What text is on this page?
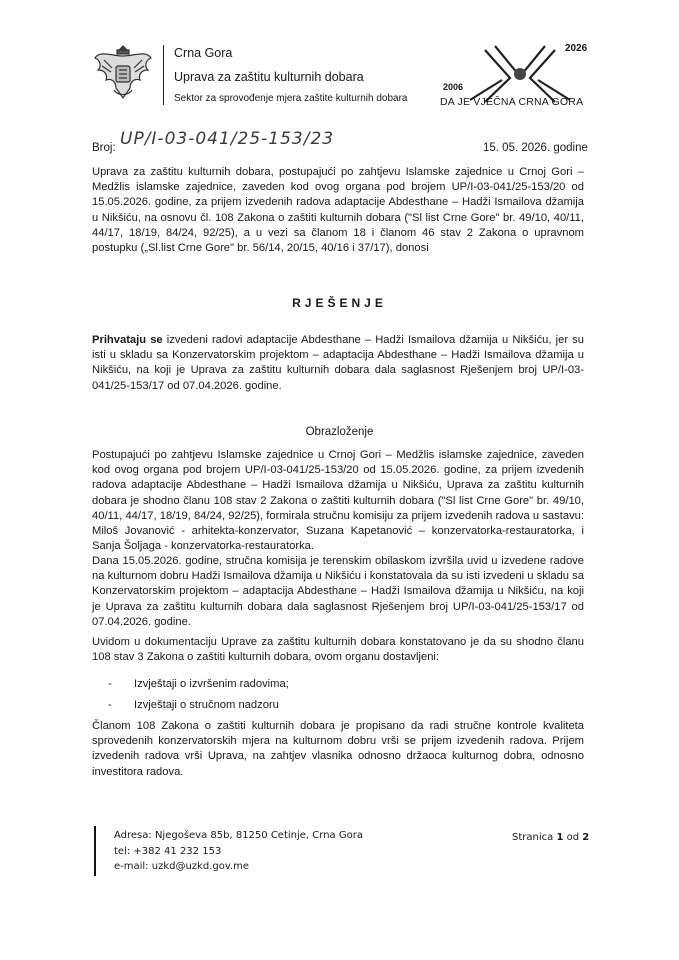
Crna Gora
Uprava za zaštitu kulturnih dobara
Sektor za sprovođenje mjera zaštite kulturnih dobara
2026
2006
DA JE VJEČNA CRNA GORA
Broj: UP/I-03-041/25-153/23	15. 05. 2026. godine
Uprava za zaštitu kulturnih dobara, postupajući po zahtjevu Islamske zajednice u Crnoj Gori – Medžlis islamske zajednice, zaveden kod ovog organa pod brojem UP/I-03-041/25-153/20 od 15.05.2026. godine, za prijem izvedenih radova adaptacije Abdesthane – Hadži Ismailova džamija u Nikšiću, na osnovu čl. 108 Zakona o zaštiti kulturnih dobara ("Sl list Crne Gore" br. 49/10, 40/11, 44/17, 18/19, 84/24, 92/25), a u vezi sa članom 18 i članom 46 stav 2 Zakona o upravnom postupku („Sl.list Crne Gore" br. 56/14, 20/15, 40/16 i 37/17), donosi
RJEŠENJE
Prihvataju se izvedeni radovi adaptacije Abdesthane – Hadži Ismailova džamija u Nikšiću, jer su isti u skladu sa Konzervatorskim projektom – adaptacija Abdesthane – Hadži Ismailova džamija u Nikšiću, na koji je Uprava za zaštitu kulturnih dobara dala saglasnost Rješenjem broj UP/I-03-041/25-153/17 od 07.04.2026. godine.
Obrazloženje
Postupajući po zahtjevu Islamske zajednice u Crnoj Gori – Medžlis islamske zajednice, zaveden kod ovog organa pod brojem UP/I-03-041/25-153/20 od 15.05.2026. godine, za prijem izvedenih radova adaptacije Abdesthane – Hadži Ismailova džamija u Nikšiću, Uprava za zaštitu kulturnih dobara je shodno članu 108 stav 2 Zakona o zaštiti kulturnih dobara ("Sl list Crne Gore" br. 49/10, 40/11, 44/17, 18/19, 84/24, 92/25), formirala stručnu komisiju za prijem izvedenih radova u sastavu: Miloš Jovanović - arhitekta-konzervator, Suzana Kapetanović – konzervatorka-restauratorka, i Sanja Šoljaga - konzervatorka-restauratorka.
Dana 15.05.2026. godine, stručna komisija je terenskim obilaskom izvršila uvid u izvedene radove na kulturnom dobru Hadži Ismailova džamija u Nikšiću i konstatovala da su isti izvedeni u skladu sa Konzervatorskim projektom – adaptacija Abdesthane – Hadži Ismailova džamija u Nikšiću, na koji je Uprava za zaštitu kulturnih dobara dala saglasnost Rješenjem broj UP/I-03-041/25-153/17 od 07.04.2026. godine.
Uvidom u dokumentaciju Uprave za zaštitu kulturnih dobara konstatovano je da su shodno članu 108 stav 3 Zakona o zaštiti kulturnih dobara, ovom organu dostavljeni:
- Izvještaji o izvršenim radovima;
- Izvještaji o stručnom nadzoru
Članom 108 Zakona o zaštiti kulturnih dobara je propisano da radi stručne kontrole kvaliteta sprovedenih konzervatorskih mjera na kulturnom dobru vrši se prijem izvedenih radova. Prijem izvedenih radova vrši Uprava, na zahtjev vlasnika odnosno držaoca kulturnog dobra, odnosno investitora radova.
Adresa: Njegoševa 85b, 81250 Cetinje, Crna Gora
tel: +382 41 232 153
e-mail: uzkd@uzkd.gov.me
Stranica 1 od 2
